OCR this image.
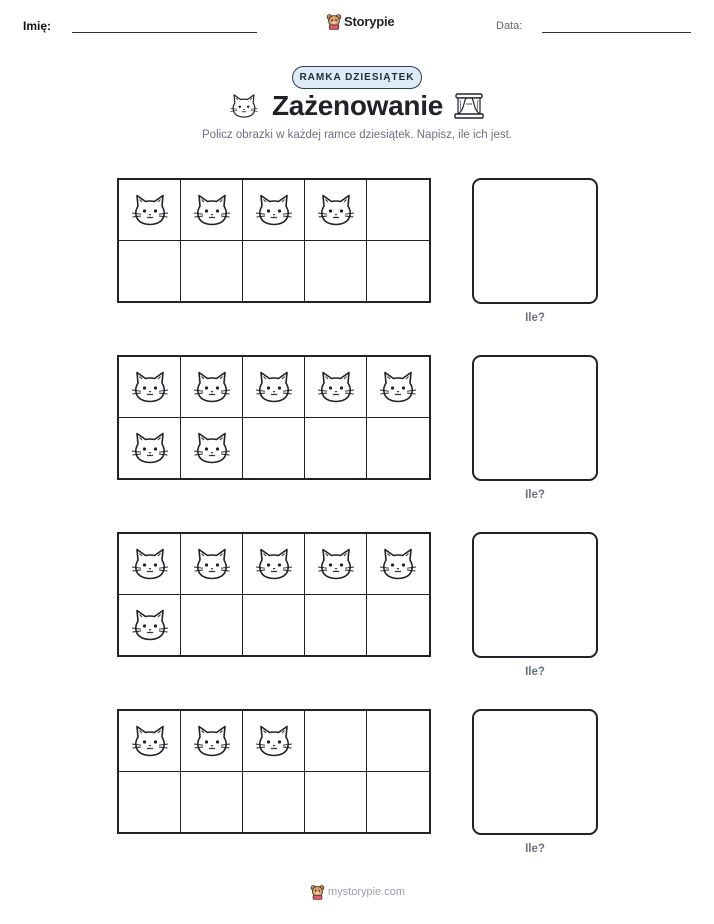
Imię:	Storypie	Data:
RAMKA DZIESIĄTEK
Zażenowanie
Policz obrazki w każdej ramce dziesiątek. Napisz, ile ich jest.
Ile?
Ile?
Ile?
Ile?
mystorypie.com
